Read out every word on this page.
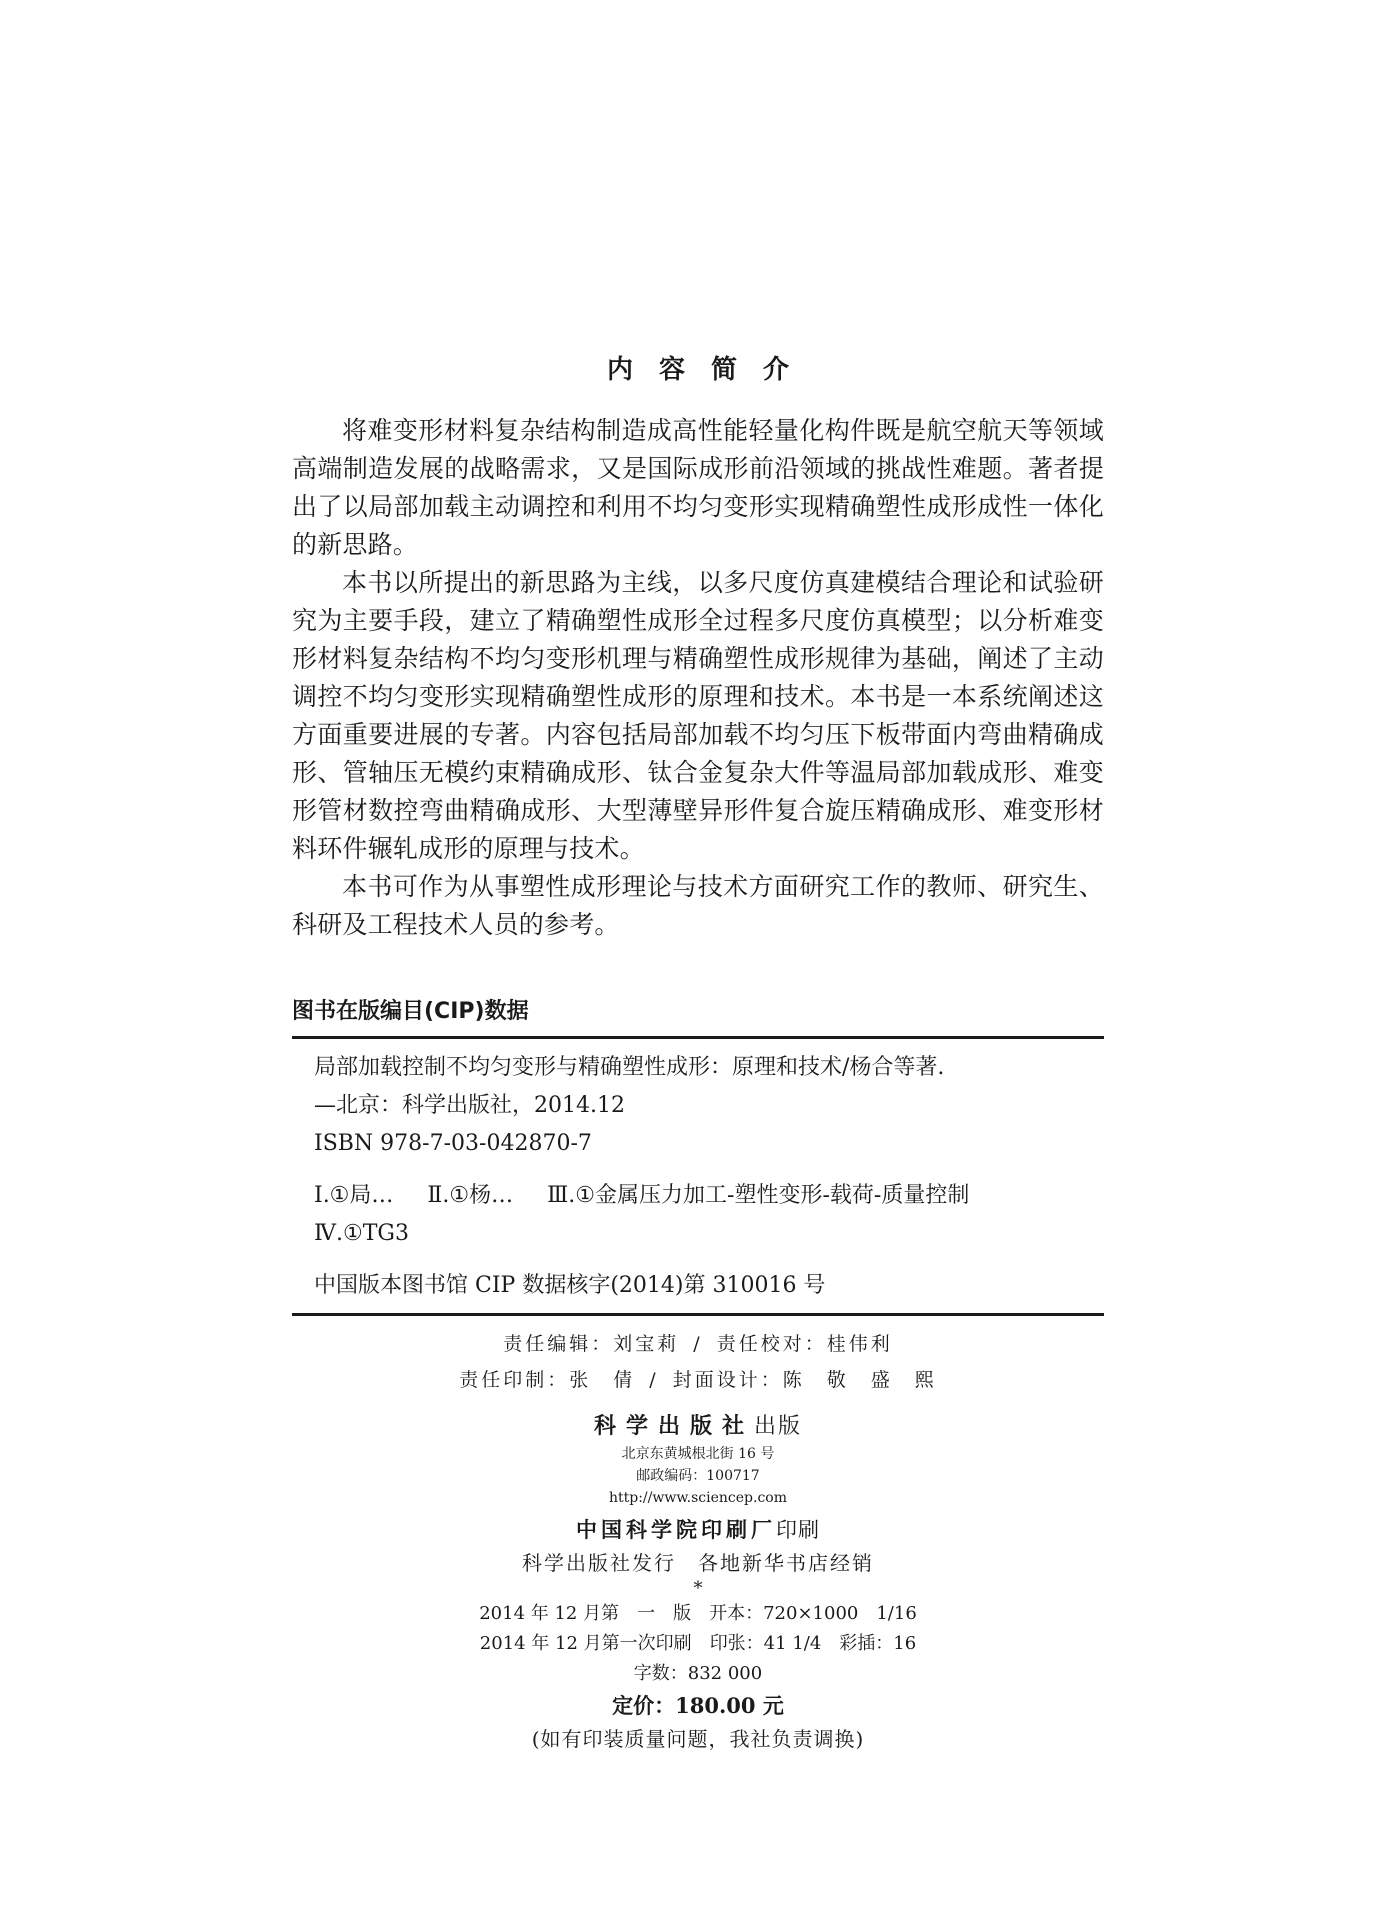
内容简介

将难变形材料复杂结构制造成高性能轻量化构件既是航空航天等领域高端制造发展的战略需求，又是国际成形前沿领域的挑战性难题。著者提出了以局部加载主动调控和利用不均匀变形实现精确塑性成形成性一体化的新思路。

本书以所提出的新思路为主线，以多尺度仿真建模结合理论和试验研究为主要手段，建立了精确塑性成形全过程多尺度仿真模型；以分析难变形材料复杂结构不均匀变形机理与精确塑性成形规律为基础，阐述了主动调控不均匀变形实现精确塑性成形的原理和技术。本书是一本系统阐述这方面重要进展的专著。内容包括局部加载不均匀压下板带面内弯曲精确成形、管轴压无模约束精确成形、钛合金复杂大件等温局部加载成形、难变形管材数控弯曲精确成形、大型薄壁异形件复合旋压精确成形、难变形材料环件辗轧成形的原理与技术。

本书可作为从事塑性成形理论与技术方面研究工作的教师、研究生、科研及工程技术人员的参考。

图书在版编目(CIP)数据
局部加载控制不均匀变形与精确塑性成形：原理和技术/杨合等著.
—北京：科学出版社，2014.12
ISBN 978-7-03-042870-7
Ⅰ.①局… Ⅱ.①杨… Ⅲ.①金属压力加工-塑性变形-载荷-质量控制
Ⅳ.①TG3
中国版本图书馆 CIP 数据核字(2014)第 310016 号
责任编辑：刘宝莉 / 责任校对：桂伟利
责任印制：张　倩 / 封面设计：陈　敬　盛　熙
科学出版社出版
北京东黄城根北街 16 号
邮政编码：100717
http://www.sciencep.com
中国科学院印刷厂印刷
科学出版社发行 各地新华书店经销
*
2014 年 12 月第　一　版 开本：720×1000　1/16
2014 年 12 月第一次印刷 印张：41 1/4 彩插：16
字数：832 000
定价：180.00 元
(如有印装质量问题，我社负责调换)
